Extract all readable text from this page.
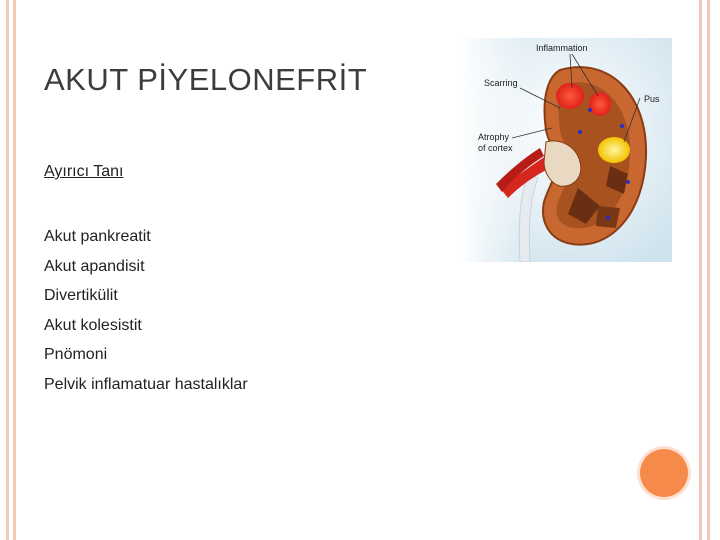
AKUT PİYELONEFRİT
Ayırıcı Tanı
Akut pankreatit
Akut apandisit
Divertikülit
Akut kolesistit
Pnömoni
Pelvik inflamatuar hastalıklar
Inflammation
Scarring
Pus
Atrophy
of cortex
